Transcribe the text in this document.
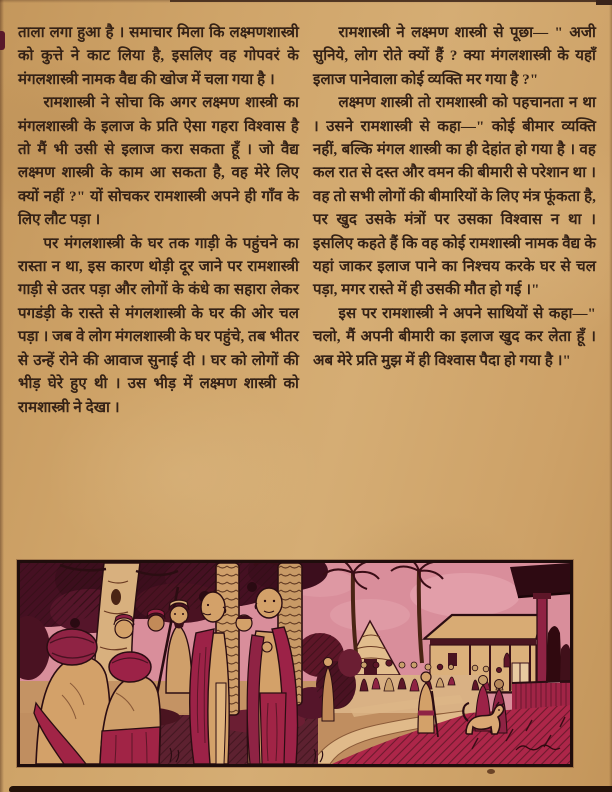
ताला लगा हुआ है । समाचार मिला कि लक्ष्मणशास्त्री को कुत्ते ने काट लिया है, इसलिए वह गोपवरं के मंगलशास्त्री नामक वैद्य की खोज में चला गया है ।

रामशास्त्री ने सोचा कि अगर लक्ष्मण शास्त्री का मंगलशास्त्री के इलाज के प्रति ऐसा गहरा विश्वास है तो मैं भी उसी से इलाज करा सकता हूँ । जो वैद्य लक्ष्मण शास्त्री के काम आ सकता है, वह मेरे लिए क्यों नहीं ?" यों सोचकर रामशास्त्री अपने ही गाँव के लिए लौट पड़ा ।

पर मंगलशास्त्री के घर तक गाड़ी के पहुंचने का रास्ता न था, इस कारण थोड़ी दूर जाने पर रामशास्त्री गाड़ी से उतर पड़ा और लोगों के कंधे का सहारा लेकर पगडंड़ी के रास्ते से मंगलशास्त्री के घर की ओर चल पड़ा । जब वे लोग मंगलशास्त्री के घर पहुंचे, तब भीतर से उन्हें रोने की आवाज सुनाई दी । घर को लोगों की भीड़ घेरे हुए थी । उस भीड़ में लक्ष्मण शास्त्री को रामशास्त्री ने देखा ।

रामशास्त्री ने लक्ष्मण शास्त्री से पूछा— " अजी सुनिये, लोग रोते क्यों हैं ? क्या मंगलशास्त्री के यहाँ इलाज पानेवाला कोई व्यक्ति मर गया है ?"

लक्ष्मण शास्त्री तो रामशास्त्री को पहचानता न था । उसने रामशास्त्री से कहा—" कोई बीमार व्यक्ति नहीं, बल्कि मंगल शास्त्री का ही देहांत हो गया है । वह कल रात से दस्त और वमन की बीमारी से परेशान था । वह तो सभी लोगों की बीमारियों के लिए मंत्र फूंकता है, पर खुद उसके मंत्रों पर उसका विश्वास न था । इसलिए कहते हैं कि वह कोई रामशास्त्री नामक वैद्य के यहां जाकर इलाज पाने का निश्चय करके घर से चल पड़ा, मगर रास्ते में ही उसकी मौत हो गई ।"

इस पर रामशास्त्री ने अपने साथियों से कहा—" चलो, मैं अपनी बीमारी का इलाज खुद कर लेता हूँ । अब मेरे प्रति मुझ में ही विश्वास पैदा हो गया है ।"
